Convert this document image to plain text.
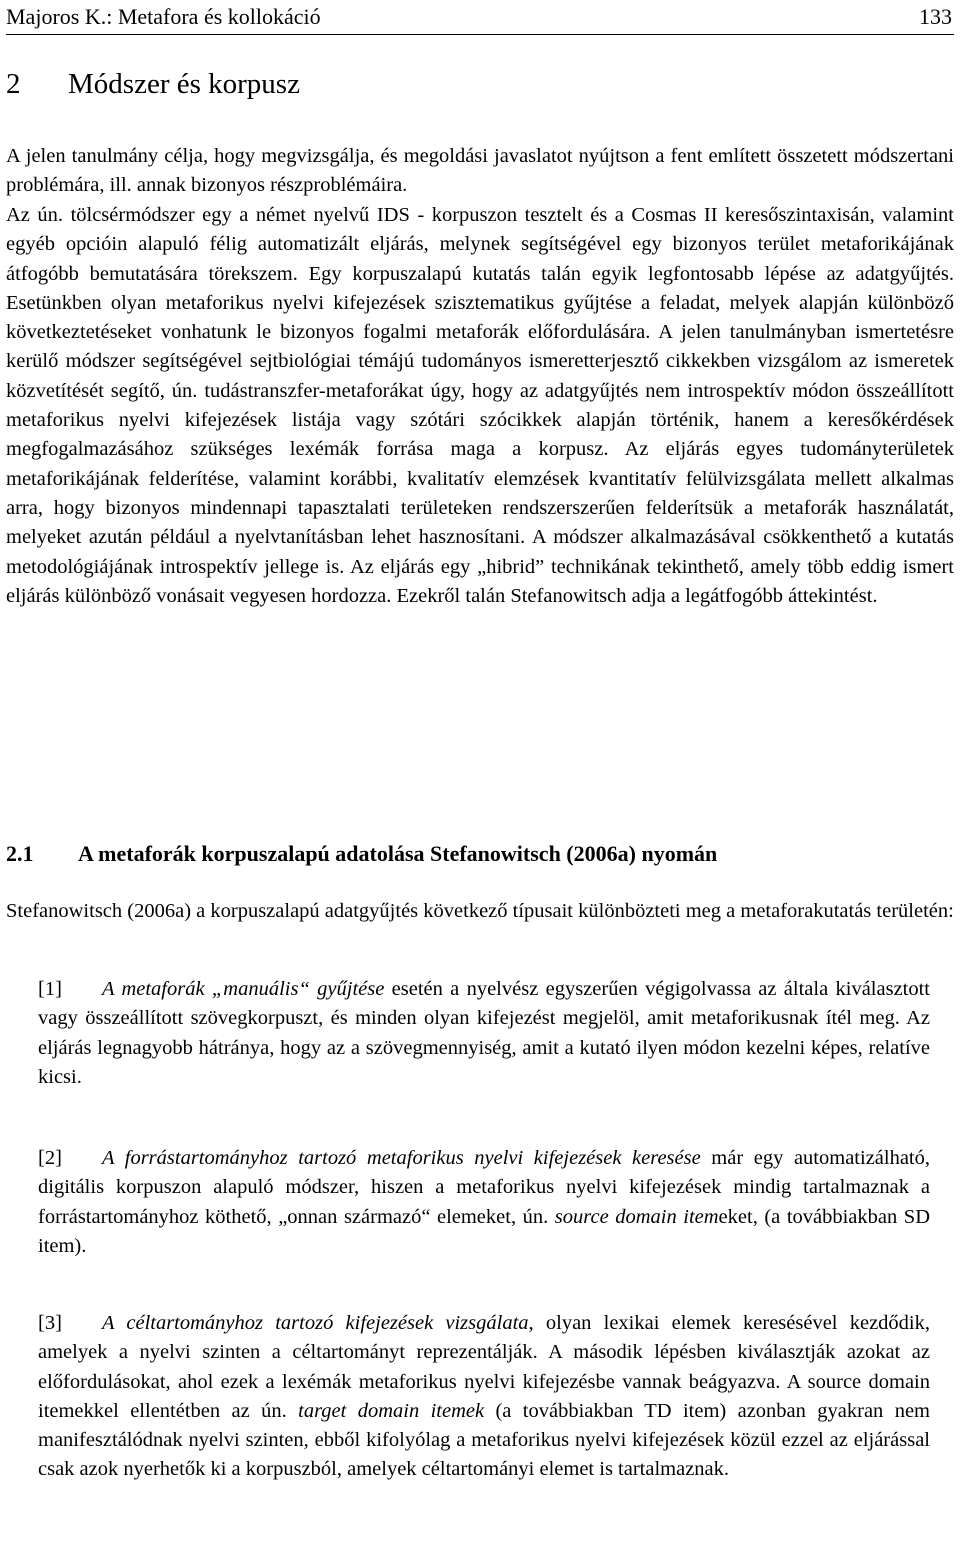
Majoros K.: Metafora és kollokáció	133
2 Módszer és korpusz

A jelen tanulmány célja, hogy megvizsgálja, és megoldási javaslatot nyújtson a fent említett összetett módszertani problémára, ill. annak bizonyos részproblémáira.

Az ún. tölcsérmódszer egy a német nyelvű IDS - korpuszon tesztelt és a Cosmas II keresőszintaxisán, valamint egyéb opcióin alapuló félig automatizált eljárás, melynek segítségével egy bizonyos terület metaforikájának átfogóbb bemutatására törekszem. Egy korpuszalapú kutatás talán egyik legfontosabb lépése az adatgyűjtés. Esetünkben olyan metaforikus nyelvi kifejezések szisztematikus gyűjtése a feladat, melyek alapján különböző következtetéseket vonhatunk le bizonyos fogalmi metaforák előfordulására. A jelen tanulmányban ismertetésre kerülő módszer segítségével sejtbiológiai témájú tudományos ismeretterjesztő cikkekben vizsgálom az ismeretek közvetítését segítő, ún. tudástranszfer-metaforákat úgy, hogy az adatgyűjtés nem introspektív módon összeállított metaforikus nyelvi kifejezések listája vagy szótári szócikkek alapján történik, hanem a keresőkérdések megfogalmazásához szükséges lexémák forrása maga a korpusz. Az eljárás egyes tudományterületek metaforikájának felderítése, valamint korábbi, kvalitatív elemzések kvantitatív felülvizsgálata mellett alkalmas arra, hogy bizonyos mindennapi tapasztalati területeken rendszerszerűen felderítsük a metaforák használatát, melyeket azután például a nyelvtanításban lehet hasznosítani. A módszer alkalmazásával csökkenthető a kutatás metodológiájának introspektív jellege is. Az eljárás egy „hibrid” technikának tekinthető, amely több eddig ismert eljárás különböző vonásait vegyesen hordozza. Ezekről talán Stefanowitsch adja a legátfogóbb áttekintést.

2.1 A metaforák korpuszalapú adatolása Stefanowitsch (2006a) nyomán

Stefanowitsch (2006a) a korpuszalapú adatgyűjtés következő típusait különbözteti meg a metaforakutatás területén:

[1] A metaforák „manuális“ gyűjtése esetén a nyelvész egyszerűen végigolvassa az általa kiválasztott vagy összeállított szövegkorpuszt, és minden olyan kifejezést megjelöl, amit metaforikusnak ítél meg. Az eljárás legnagyobb hátránya, hogy az a szövegmennyiség, amit a kutató ilyen módon kezelni képes, relatíve kicsi.

[2] A forrástartományhoz tartozó metaforikus nyelvi kifejezések keresése már egy automatizálható, digitális korpuszon alapuló módszer, hiszen a metaforikus nyelvi kifejezések mindig tartalmaznak a forrástartományhoz köthető, „onnan származó“ elemeket, ún. source domain itemeket, (a továbbiakban SD item).

[3] A céltartományhoz tartozó kifejezések vizsgálata, olyan lexikai elemek keresésével kezdődik, amelyek a nyelvi szinten a céltartományt reprezentálják. A második lépésben kiválasztják azokat az előfordulásokat, ahol ezek a lexémák metaforikus nyelvi kifejezésbe vannak beágyazva. A source domain itemekkel ellentétben az ún. target domain itemek (a továbbiakban TD item) azonban gyakran nem manifesztálódnak nyelvi szinten, ebből kifolyólag a metaforikus nyelvi kifejezések közül ezzel az eljárással csak azok nyerhetők ki a korpuszból, amelyek céltartományi elemet is tartalmaznak.
